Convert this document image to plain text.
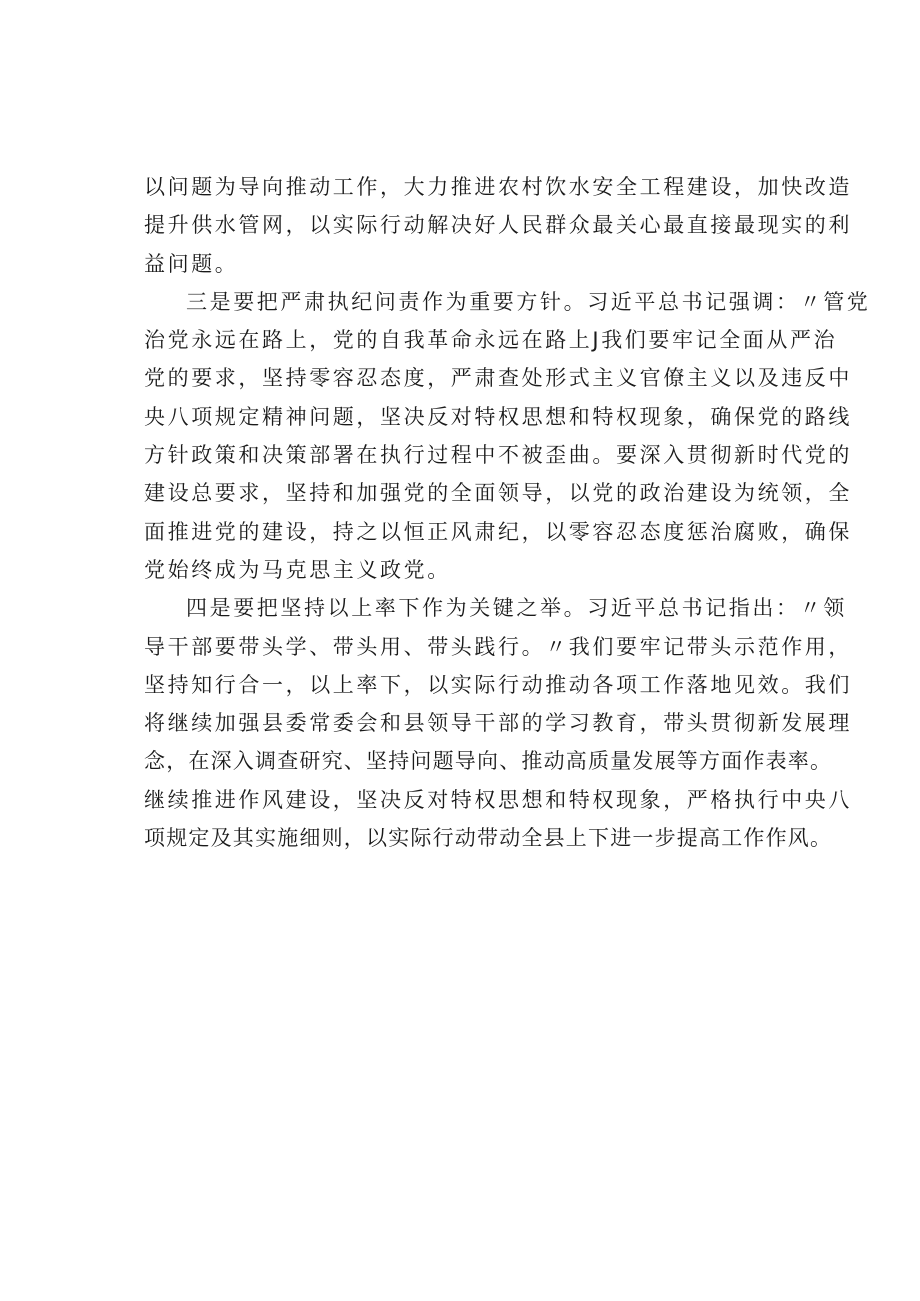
以问题为导向推动工作，大力推进农村饮水安全工程建设，加快改造
提升供水管网，以实际行动解决好人民群众最关心最直接最现实的利
益问题。
三是要把严肃执纪问责作为重要方针。习近平总书记强调：〃管党
治党永远在路上，党的自我革命永远在路上J我们要牢记全面从严治
党的要求，坚持零容忍态度，严肃查处形式主义官僚主义以及违反中
央八项规定精神问题，坚决反对特权思想和特权现象，确保党的路线
方针政策和决策部署在执行过程中不被歪曲。要深入贯彻新时代党的
建设总要求，坚持和加强党的全面领导，以党的政治建设为统领，全
面推进党的建设，持之以恒正风肃纪，以零容忍态度惩治腐败，确保
党始终成为马克思主义政党。
四是要把坚持以上率下作为关键之举。习近平总书记指出：〃领
导干部要带头学、带头用、带头践行。〃我们要牢记带头示范作用，
坚持知行合一，以上率下，以实际行动推动各项工作落地见效。我们
将继续加强县委常委会和县领导干部的学习教育，带头贯彻新发展理
念，在深入调查研究、坚持问题导向、推动高质量发展等方面作表率。
继续推进作风建设，坚决反对特权思想和特权现象，严格执行中央八
项规定及其实施细则，以实际行动带动全县上下进一步提高工作作风。
